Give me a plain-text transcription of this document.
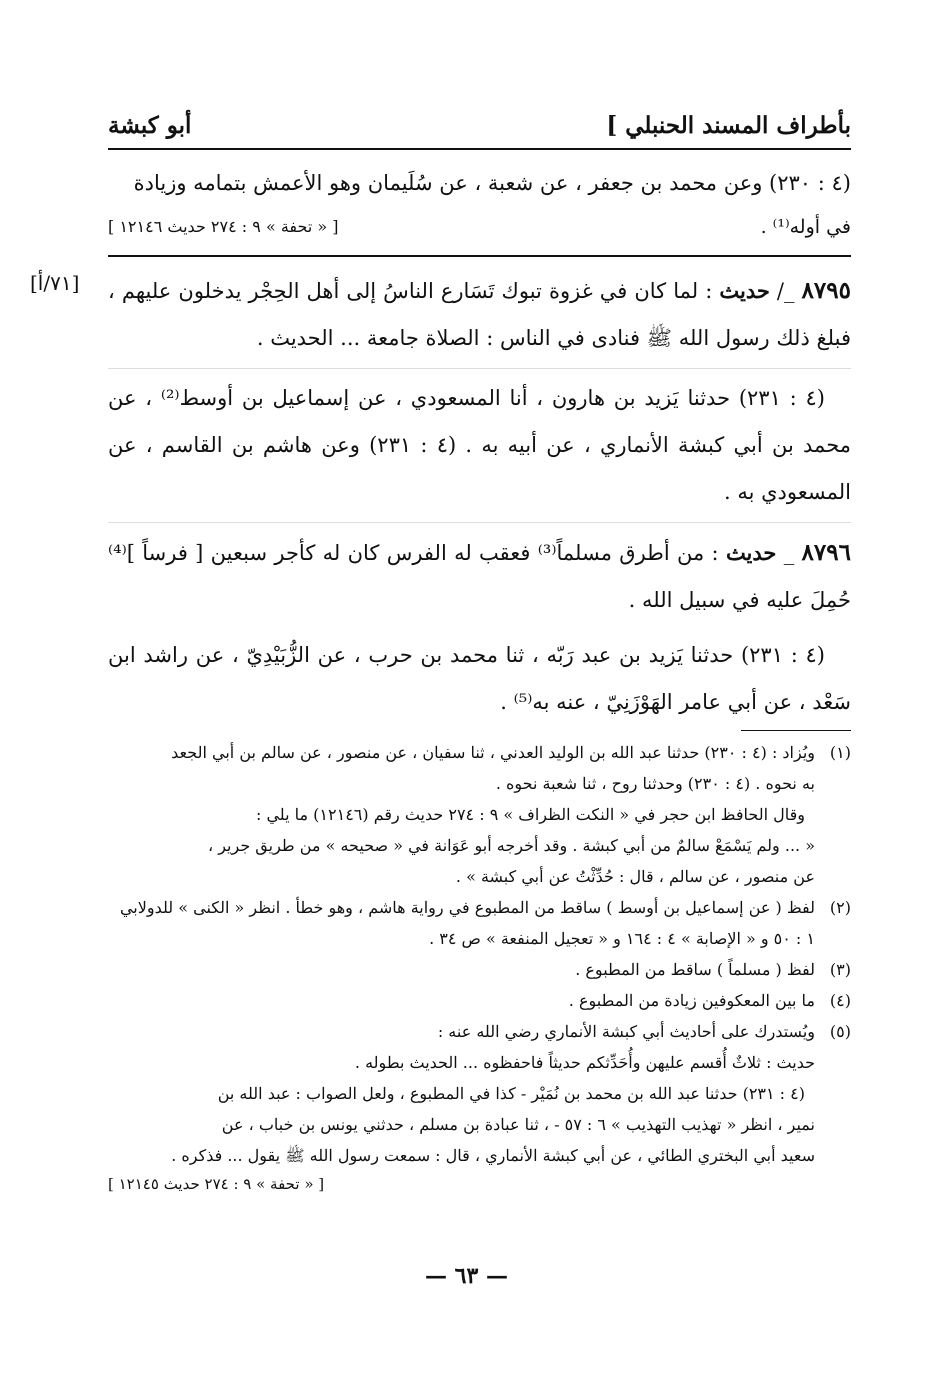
بأطراف المسند الحنبلي ]
أبو كبشة
(٤ : ٢٣٠) وعن محمد بن جعفر ، عن شعبة ، عن سُلَيمان وهو الأعمش بتمامه وزيادة
في أوله⁽¹⁾ .
[ « تحفة » ٩ : ٢٧٤ حديث ١٢١٤٦ ]
[٧١/أ]	٨٧٩٥ _/ حديث : لما كان في غزوة تبوك تَسَارع الناسُ إلى أهل الحِجْر يدخلون عليهم ، فبلغ ذلك رسول الله ﷺ فنادى في الناس : الصلاة جامعة ... الحديث .
(٤ : ٢٣١) حدثنا يَزيد بن هارون ، أنا المسعودي ، عن إسماعيل بن أوسط⁽²⁾ ، عن محمد بن أبي كبشة الأنماري ، عن أبيه به . (٤ : ٢٣١) وعن هاشم بن القاسم ، عن المسعودي به .
٨٧٩٦ _ حديث : من أطرق مسلماً⁽³⁾ فعقب له الفرس كان له كأجر سبعين [ فرساً ]⁽⁴⁾ حُمِلَ عليه في سبيل الله .
(٤ : ٢٣١) حدثنا يَزيد بن عبد رَبّه ، ثنا محمد بن حرب ، عن الزُّبَيْدِيّ ، عن راشد ابن سَعْد ، عن أبي عامر الهَوْزَنِيّ ، عنه به⁽⁵⁾ .
(١)
ويُزاد : (٤ : ٢٣٠) حدثنا عبد الله بن الوليد العدني ، ثنا سفيان ، عن منصور ، عن سالم بن أبي الجعد
به نحوه . (٤ : ٢٣٠) وحدثنا روح ، ثنا شعبة نحوه .
وقال الحافظ ابن حجر في « النكت الظراف » ٩ : ٢٧٤ حديث رقم (١٢١٤٦) ما يلي :
« ... ولم يَسْمَعْ سالمٌ من أبي كبشة . وقد أخرجه أبو عَوَانة في « صحيحه » من طريق جرير ،
عن منصور ، عن سالم ، قال : حُدِّثْتُ عن أبي كبشة » .
(٢)
لفظ ( عن إسماعيل بن أوسط ) ساقط من المطبوع في رواية هاشم ، وهو خطأ . انظر « الكنى » للدولابي
١ : ٥٠ و « الإصابة » ٤ : ١٦٤ و « تعجيل المنفعة » ص ٣٤ .
(٣)
لفظ ( مسلماً ) ساقط من المطبوع .
(٤)
ما بين المعكوفين زيادة من المطبوع .
(٥)
ويُستدرك على أحاديث أبي كبشة الأنماري رضي الله عنه :
حديث : ثلاثٌ أُقسم عليهن وأُحَدِّثكم حديثاً فاحفظوه ... الحديث بطوله .
(٤ : ٢٣١) حدثنا عبد الله بن محمد بن نُمَيْر - كذا في المطبوع ، ولعل الصواب : عبد الله بن
نمير ، انظر « تهذيب التهذيب » ٦ : ٥٧ - ، ثنا عبادة بن مسلم ، حدثني يونس بن خباب ، عن
سعيد أبي البختري الطائي ، عن أبي كبشة الأنماري ، قال : سمعت رسول الله ﷺ يقول ... فذكره .
[ « تحفة » ٩ : ٢٧٤ حديث ١٢١٤٥ ]
— ٦٣ —
